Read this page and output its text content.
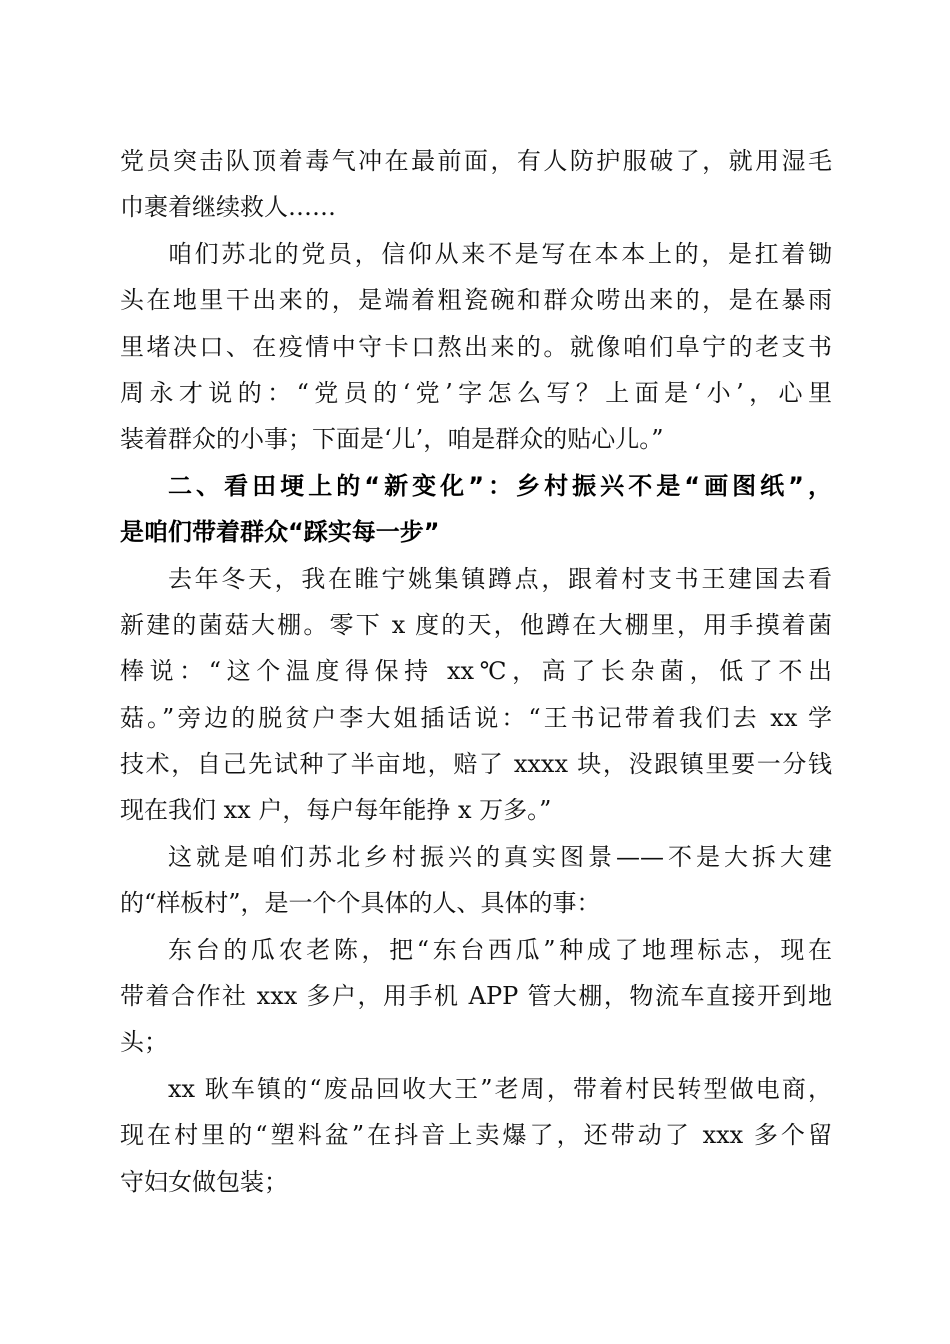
党员突击队顶着毒气冲在最前面，有人防护服破了，就用湿毛
巾裹着继续救人……
咱们苏北的党员，信仰从来不是写在本本上的，是扛着锄
头在地里干出来的，是端着粗瓷碗和群众唠出来的，是在暴雨
里堵决口、在疫情中守卡口熬出来的。就像咱们阜宁的老支书
周永才说的：“党员的‘党’字怎么写？上面是‘小’，心里
装着群众的小事；下面是‘儿’，咱是群众的贴心儿。”
二、看田埂上的“新变化”：乡村振兴不是“画图纸”，
是咱们带着群众“踩实每一步”
去年冬天，我在睢宁姚集镇蹲点，跟着村支书王建国去看
新建的菌菇大棚。零下 x 度的天，他蹲在大棚里，用手摸着菌
棒说：“这个温度得保持 xx℃，高了长杂菌，低了不出
菇。”旁边的脱贫户李大姐插话说：“王书记带着我们去 xx 学
技术，自己先试种了半亩地，赔了 xxxx 块，没跟镇里要一分钱
现在我们 xx 户，每户每年能挣 x 万多。”
这就是咱们苏北乡村振兴的真实图景——不是大拆大建
的“样板村”，是一个个具体的人、具体的事：
东台的瓜农老陈，把“东台西瓜”种成了地理标志，现在
带着合作社 xxx 多户，用手机 APP 管大棚，物流车直接开到地
头；
xx 耿车镇的“废品回收大王”老周，带着村民转型做电商，
现在村里的“塑料盆”在抖音上卖爆了，还带动了 xxx 多个留
守妇女做包装；
